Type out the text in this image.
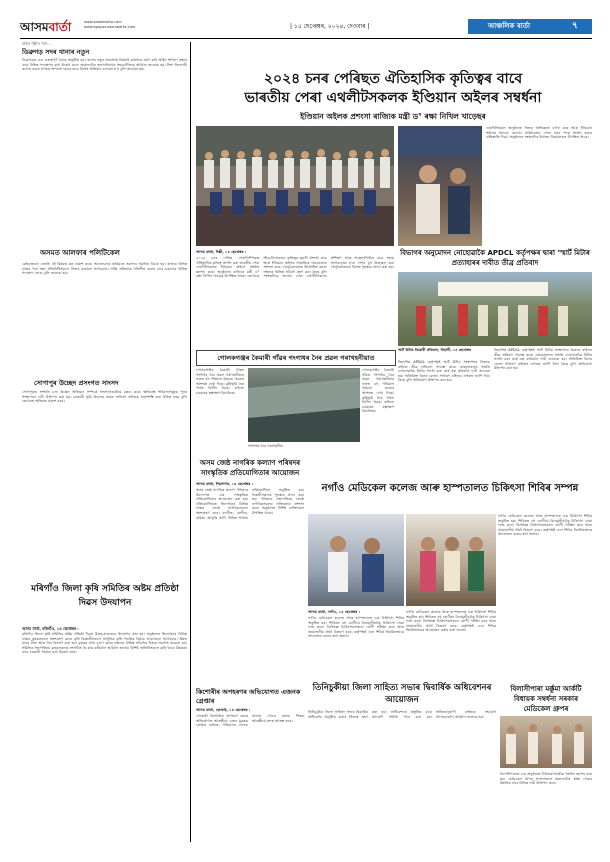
আসমবার্তা	www.asombarta.com
www.epaper.asombarta.com	| ১৫ ছেপ্তেম্বৰ, ২০২৪, দেওবাৰ |	আঞ্চলিক বাৰ্তা	৭
প্ৰথম পৃষ্ঠাৰ পৰা...
ডিব্ৰুগড় সদৰ থানাৰ নতুন
ডিব্ৰুগড়ত এক গুৰুত্বপূৰ্ণ বৈঠক অনুষ্ঠিত হয়। থানাৰ নতুন ভাৰপ্ৰাপ্ত বিষয়াই কাৰ্যভাৰ গ্ৰহণ কৰি আইন শৃংখলা ৰক্ষাৰ বাবে বিভিন্ন পদক্ষেপৰ কথা উল্লেখ কৰে। অঞ্চলটোৰ জনসাধাৰণক সহযোগিতাৰ আহ্বান জনোৱা হয়। নিশা টহলদাৰী কঠোৰ কৰাৰ লগতে অপৰাধ দমনৰ বাবে বিশেষ অভিযান চলোৱা হ'ব বুলি জনোৱা হয়।
অসমত আলফাৰ পলিটিকেল
কেইবাজনো নেতাই এই বিষয়ত মত প্ৰকাশ কৰে। আলোচনাৰ জৰিয়তে সমস্যাৰ সমাধান বিচৰা হয়। ৰাজ্যৰ বিভিন্ন প্ৰান্তৰ পৰা অহা প্ৰতিনিধিসকলে নিজৰ মতামত আগবঢ়ায়। শান্তি প্ৰক্ৰিয়াক গতিশীল কৰাৰ বাবে চৰকাৰে বিভিন্ন পদক্ষেপ লোৱা বুলি জনোৱা হয়।
সোণাপুৰ উচ্ছেদ প্ৰসংগত সাংসদ
সোণাপুৰত সম্প্ৰতি চলা উচ্ছেদ অভিযান সম্পৰ্কে সাংসদগৰাকীয়ে মন্তব্য কৰে। ক্ষতিগ্ৰস্ত পৰিয়ালসমূহক পুনৰ সংস্থাপনৰ দাবী উত্থাপন কৰা হয়। চৰকাৰী ভূমি উদ্ধাৰৰ নামত সাধাৰণ ৰাইজক হাৰাশাস্তি কৰা উচিত নহয় বুলি তেখেতে অভিমত প্ৰকাশ কৰে।
মৰিগাঁও জিলা কৃষি সমিতিৰ অষ্টম প্ৰতিষ্ঠা দিৱস উদযাপন
আসম বাৰ্তা, মৰিগাঁও, ১৪ ছেপ্তেম্বৰ :
মৰিগাঁও জিলা কৃষি সমিতিৰ অষ্টম প্ৰতিষ্ঠা দিৱস উলহ-মালহেৰে উদযাপন কৰা হয়। অনুষ্ঠানত জিলাখনৰ বিভিন্ন প্ৰান্তৰ কৃষকসকলে অংশগ্ৰহণ কৰে। কৃষি বিজ্ঞানীসকলে আধুনিক কৃষি পদ্ধতিৰ বিষয়ে আলোচনা আগবঢ়ায়। উন্নত মানৰ বীজ আৰু সাৰ বিতৰণ কৰা হয়। কৃষকৰ আয় দুগুণ কৰাৰ লক্ষ্যৰে বিভিন্ন আঁচনিৰ বিষয়ে অৱগত কৰোৱা হয়। সমিতিৰ সভাপতিয়ে কৃষকসকলক সংগঠিত হৈ কাম কৰিবলৈ আহ্বান জনায়। বিশিষ্ট অতিথিসকলে কৃষি খণ্ডৰ উন্নয়নৰ বাবে চৰকাৰী সহায়ৰ কথা উল্লেখ কৰে।
২০২৪ চনৰ পেৰিছত ঐতিহাসিক কৃতিত্বৰ বাবে
ভাৰতীয় পেৰা এথলীটসকলক ইণ্ডিয়ান অইলৰ সম্বৰ্ধনা
ইণ্ডিয়ান অইলক প্ৰশংসা ৰাজ্যিক মন্ত্ৰী ড° ৰক্ষা নিখিল খাড়েছৰ
এথলীটসকলে অনুষ্ঠানত নিজৰ অভিজ্ঞতা বৰ্ণনা কৰে আৰু ইণ্ডিয়ান অইলক ধন্যবাদ জনায়। ভৱিষ্যতেও দেশৰ বাবে পদক অৰ্জন কৰাৰ প্ৰতিশ্ৰুতি দিয়ে। অনুষ্ঠানত সংস্থাটোৰ উৰ্দ্ধতন বিষয়াসকল উপস্থিত থাকে।
আসম বাৰ্তা, দিল্লী, ১৪ ছেপ্তেম্বৰ :
২০২৪ চনৰ পেৰিছ পেৰালিম্পিকত ঐতিহাসিক কৃতিত্ব প্ৰদৰ্শন কৰা ভাৰতীয় পেৰা এথলীটসকলক ইণ্ডিয়ান অইলে সম্বৰ্ধনা জ্ঞাপন কৰে। অনুষ্ঠানত ৰাজ্যিক মন্ত্ৰী ড° ৰক্ষা নিখিল খাড়েছ উপস্থিত থাকে। তেখেতে ক্ৰীড়াবিদসকলৰ কৃতিত্বৰ ভূয়সী প্ৰশংসা কৰে আৰু ইণ্ডিয়ান অইলৰ সামাজিক দায়বদ্ধতাৰ প্ৰশংসা কৰে। খেলুৱৈসকলক উৎসাহিত কৰাৰ লক্ষ্যৰে বিভিন্ন আঁচনি গ্ৰহণ কৰা হৈছে বুলি সংস্থাটোৱে জনায়। পেৰা এথলীটসকলৰ প্ৰশিক্ষণ আৰু আন্তঃগাঁথনিৰ বাবে সহায় আগবঢ়োৱা হ'ব। দেশৰ মুখ উজ্জ্বল কৰা খেলুৱৈসকলক বিশেষ পুৰস্কাৰ প্ৰদান কৰা হয়।
বিভাগৰ অনুমোদন নোহোৱাকৈ APDCL কৰ্তৃপক্ষৰ দ্বাৰা 'স্মাৰ্ট মিটাৰ প্ৰত্যাহাৰৰ দাবীত তীব্ৰ প্ৰতিবাদ
স্মাৰ্ট মিটাৰ বিৰোধী প্ৰতিবাদ, বিহালী, ১৪ ছেপ্তেম্বৰ
বিহালীত APDCL কৰ্তৃপক্ষই স্মাৰ্ট মিটাৰ সংস্থাপনৰ বিৰুদ্ধে ৰাইজে তীব্ৰ প্ৰতিবাদ সাব্যস্ত কৰে। গ্ৰাহকসকলৰ সন্মতি নোলোৱাকৈ মিটাৰ সলনি কৰা কাৰ্য বন্ধ কৰিবলৈ দাবী জনোৱা হয়। অতিৰিক্ত বিলৰ বোজা সাধাৰণ ৰাইজৰ ওপৰত জাপি দিয়া হৈছে বুলি অভিযোগ উত্থাপন কৰা হয়।
বিহালীত APDCL কৰ্তৃপক্ষই স্মাৰ্ট মিটাৰ সংস্থাপনৰ বিৰুদ্ধে ৰাইজে তীব্ৰ প্ৰতিবাদ সাব্যস্ত কৰে। গ্ৰাহকসকলৰ সন্মতি নোলোৱাকৈ মিটাৰ সলনি কৰা কাৰ্য বন্ধ কৰিবলৈ দাবী জনোৱা হয়। অতিৰিক্ত বিলৰ বোজা সাধাৰণ ৰাইজৰ ওপৰত জাপি দিয়া হৈছে বুলি অভিযোগ উত্থাপন কৰা হয়।
গোলকগঞ্জৰ কৈমাৰী গাঁৱৰ গংগাধৰ নৈৰ প্ৰৱল গৰাখহনীয়াত
গোলকগঞ্জৰ কৈমাৰী গাঁৱত গংগাধৰ নৈৰ প্ৰৱল গৰাখহনীয়াৰ ফলত বহু পৰিয়াল গৃহহাৰা হোৱাৰ আশংকা দেখা দিছে। কৃষিভূমি নৈৰ গৰ্ভত বিলীন হৈছে। ৰাইজে চৰকাৰৰ হস্তক্ষেপ বিচাৰিছে।
গোলকগঞ্জৰ কৈমাৰী গাঁৱত গংগাধৰ নৈৰ প্ৰৱল গৰাখহনীয়াৰ ফলত বহু পৰিয়াল গৃহহাৰা হোৱাৰ আশংকা দেখা দিছে। কৃষিভূমি নৈৰ গৰ্ভত বিলীন হৈছে। ৰাইজে চৰকাৰৰ হস্তক্ষেপ বিচাৰিছে।
গংগাধৰ নৈৰ গৰাখহনীয়া
অসম জেষ্ঠ নাগৰিক কল্যাণ পৰিষদৰ সাংস্কৃতিক প্ৰতিযোগিতাৰ আয়োজন
আসম বাৰ্তা, শিৱসাগৰ, ১৪ ছেপ্তেম্বৰ :
অসম জেষ্ঠ নাগৰিক কল্যাণ পৰিষদৰ উদ্যোগত এক সাংস্কৃতিক প্ৰতিযোগিতাৰ আয়োজন কৰা হয়। প্ৰতিযোগিতাত জিলাখনৰ বিভিন্ন প্ৰান্তৰ জ্যেষ্ঠ নাগৰিকসকলে অংশগ্ৰহণ কৰে। বনগীত, বৰগীত, কবিতা আবৃত্তি আদি বিভিন্ন শাখাত প্ৰতিযোগিতা অনুষ্ঠিত হয়। বিজয়ীসকলক পুৰস্কাৰ প্ৰদান কৰা হয়। পৰিষদৰ সভাপতিয়ে জ্যেষ্ঠ নাগৰিকসকলৰ সক্ৰিয়তাৰ প্ৰশংসা কৰে। অনুষ্ঠানত বিশিষ্ট ব্যক্তিসকল উপস্থিত থাকে।
নগাঁও মেডিকেল কলেজ আৰু হাস্পতালত চিকিৎসা শিবিৰ সম্পন্ন
নগাঁও মেডিকেল কলেজ আৰু হাস্পতালত এক চিকিৎসা শিবিৰ অনুষ্ঠিত হয়। শিবিৰত বহু ৰোগীয়ে বিনামূলীয়াকৈ চিকিৎসা সেৱা লাভ কৰে। বিশেষজ্ঞ চিকিৎসকসকলে ৰোগী পৰীক্ষা কৰে আৰু প্ৰয়োজনীয় ঔষধ বিতৰণ কৰে। কৰ্তৃপক্ষই এনে শিবিৰ নিয়মিতভাৱে আয়োজন কৰাৰ কথা জনায়।
আসম বাৰ্তা, নগাঁও, ১৪ ছেপ্তেম্বৰ :
নগাঁও মেডিকেল কলেজ আৰু হাস্পতালত এক চিকিৎসা শিবিৰ অনুষ্ঠিত হয়। শিবিৰত বহু ৰোগীয়ে বিনামূলীয়াকৈ চিকিৎসা সেৱা লাভ কৰে। বিশেষজ্ঞ চিকিৎসকসকলে ৰোগী পৰীক্ষা কৰে আৰু প্ৰয়োজনীয় ঔষধ বিতৰণ কৰে। কৰ্তৃপক্ষই এনে শিবিৰ নিয়মিতভাৱে আয়োজন কৰাৰ কথা জনায়।
নগাঁও মেডিকেল কলেজ আৰু হাস্পতালত এক চিকিৎসা শিবিৰ অনুষ্ঠিত হয়। শিবিৰত বহু ৰোগীয়ে বিনামূলীয়াকৈ চিকিৎসা সেৱা লাভ কৰে। বিশেষজ্ঞ চিকিৎসকসকলে ৰোগী পৰীক্ষা কৰে আৰু প্ৰয়োজনীয় ঔষধ বিতৰণ কৰে। কৰ্তৃপক্ষই এনে শিবিৰ নিয়মিতভাৱে আয়োজন কৰাৰ কথা জনায়।
তিনিচুকীয়া জিলা সাহিত্য সভাৰ দ্বিবাৰ্ষিক অধিবেশনৰ আয়োজন
তিনিচুকীয়া জিলা সাহিত্য সভাৰ দ্বিবাৰ্ষিক অধিবেশন অনুষ্ঠিত কৰাৰ সিদ্ধান্ত গ্ৰহণ কৰা হয়। অধিবেশনৰ প্ৰস্তুতিৰ বাবে আদৰণি সমিতি গঠন কৰা হয়। সাহিত্যানুৰাগী ৰাইজক সহযোগ আগবঢ়াবলৈ আহ্বান জনোৱা হয়।
বিলাসীপাৰা মৰ্ক্কুমা আৰ্কটি বিধায়ক সম্বৰ্ধনা সৰকাৰ মেডিকেল গ্ৰুপৰ
বিলাসীপাৰাত এক অনুষ্ঠানত বিধায়কগৰাকীক সম্বৰ্ধনা জ্ঞাপন কৰা হয়। মেডিকেল গ্ৰুপৰ সদস্যসকলে অঞ্চলটোৰ স্বাস্থ্য সেৱাৰ উন্নতিৰ বাবে বিভিন্ন দাবী উত্থাপন কৰে।
কিশোৰীৰ অপহৰণৰ অভিযোগত এজনক গ্ৰেপ্তাৰ
আসম বাৰ্তা, হোজাই, ১৪ ছেপ্তেম্বৰ :
এগৰাকী কিশোৰীক অপহৰণ কৰাৰ অভিযোগত আৰক্ষীয়ে এজন যুৱকক গ্ৰেপ্তাৰ কৰিছে। পৰিয়ালৰ লোকে থানাত গোচৰ তৰাৰ পিছত আৰক্ষীয়ে তদন্ত আৰম্ভ কৰে।
